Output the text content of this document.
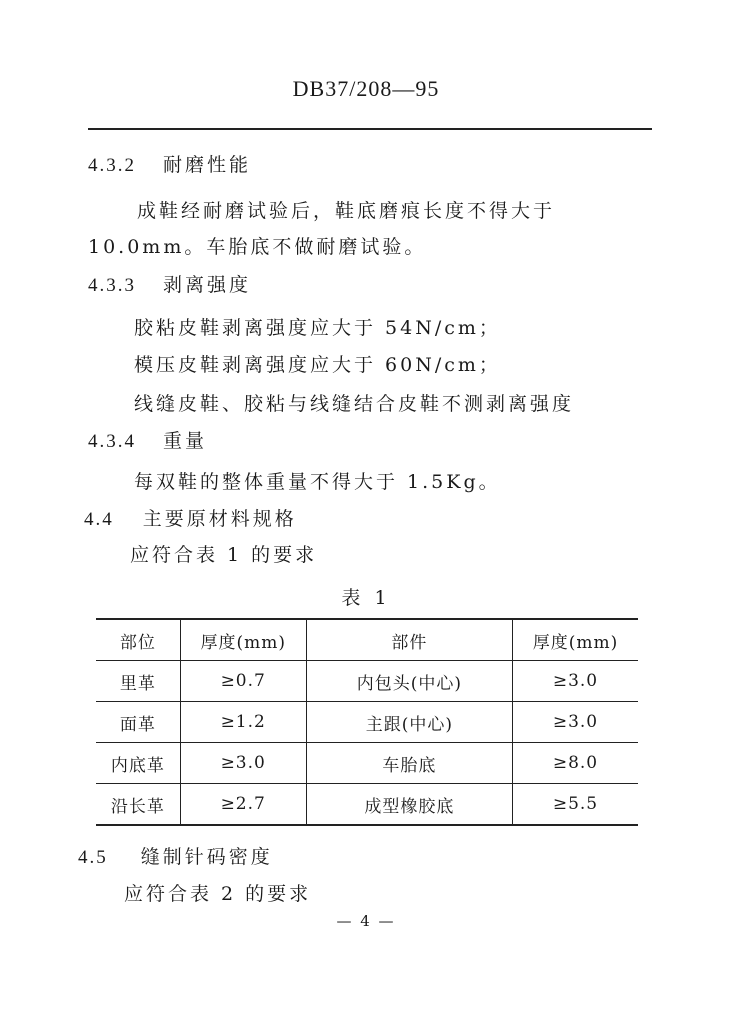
DB37/208—95
4.3.2 耐磨性能
成鞋经耐磨试验后，鞋底磨痕长度不得大于
10.0mm。车胎底不做耐磨试验。
4.3.3 剥离强度
胶粘皮鞋剥离强度应大于 54N/cm；
模压皮鞋剥离强度应大于 60N/cm；
线缝皮鞋、胶粘与线缝结合皮鞋不测剥离强度
4.3.4 重量
每双鞋的整体重量不得大于 1.5Kg。
4.4 主要原材料规格
应符合表 1 的要求
表 1
部位	厚度(mm)	部件	厚度(mm)
里革	≥0.7	内包头(中心)	≥3.0
面革	≥1.2	主跟(中心)	≥3.0
内底革	≥3.0	车胎底	≥8.0
沿长革	≥2.7	成型橡胶底	≥5.5
4.5 缝制针码密度
应符合表 2 的要求
— 4 —
